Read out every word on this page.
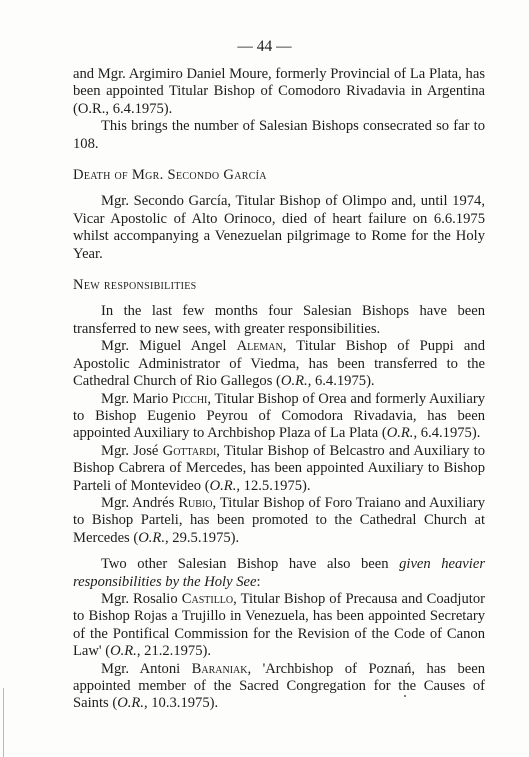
— 44 —

and Mgr. Argimiro Daniel Moure, formerly Provincial of La Plata, has been appointed Titular Bishop of Comodoro Rivadavia in Argentina (O.R., 6.4.1975).

This brings the number of Salesian Bishops consecrated so far to 108.

Death of Mgr. Secondo García

Mgr. Secondo García, Titular Bishop of Olimpo and, until 1974, Vicar Apostolic of Alto Orinoco, died of heart failure on 6.6.1975 whilst accompanying a Venezuelan pilgrimage to Rome for the Holy Year.

New responsibilities

In the last few months four Salesian Bishops have been transferred to new sees, with greater responsibilities.

Mgr. Miguel Angel Aleman, Titular Bishop of Puppi and Apostolic Administrator of Viedma, has been transferred to the Cathedral Church of Rio Gallegos (O.R., 6.4.1975).

Mgr. Mario Picchi, Titular Bishop of Orea and formerly Auxiliary to Bishop Eugenio Peyrou of Comodora Rivadavia, has been appointed Auxiliary to Archbishop Plaza of La Plata (O.R., 6.4.1975).

Mgr. José Gottardi, Titular Bishop of Belcastro and Auxiliary to Bishop Cabrera of Mercedes, has been appointed Auxiliary to Bishop Parteli of Montevideo (O.R., 12.5.1975).

Mgr. Andrés Rubio, Titular Bishop of Foro Traiano and Auxiliary to Bishop Parteli, has been promoted to the Cathedral Church at Mercedes (O.R., 29.5.1975).

Two other Salesian Bishop have also been given heavier responsibilities by the Holy See:

Mgr. Rosalio Castillo, Titular Bishop of Precausa and Coadjutor to Bishop Rojas a Trujillo in Venezuela, has been appointed Secretary of the Pontifical Commission for the Revision of the Code of Canon Law' (O.R., 21.2.1975).

Mgr. Antoni Baraniak, 'Archbishop of Poznań, has been appointed member of the Sacred Congregation for the Causes of Saints (O.R., 10.3.1975).
